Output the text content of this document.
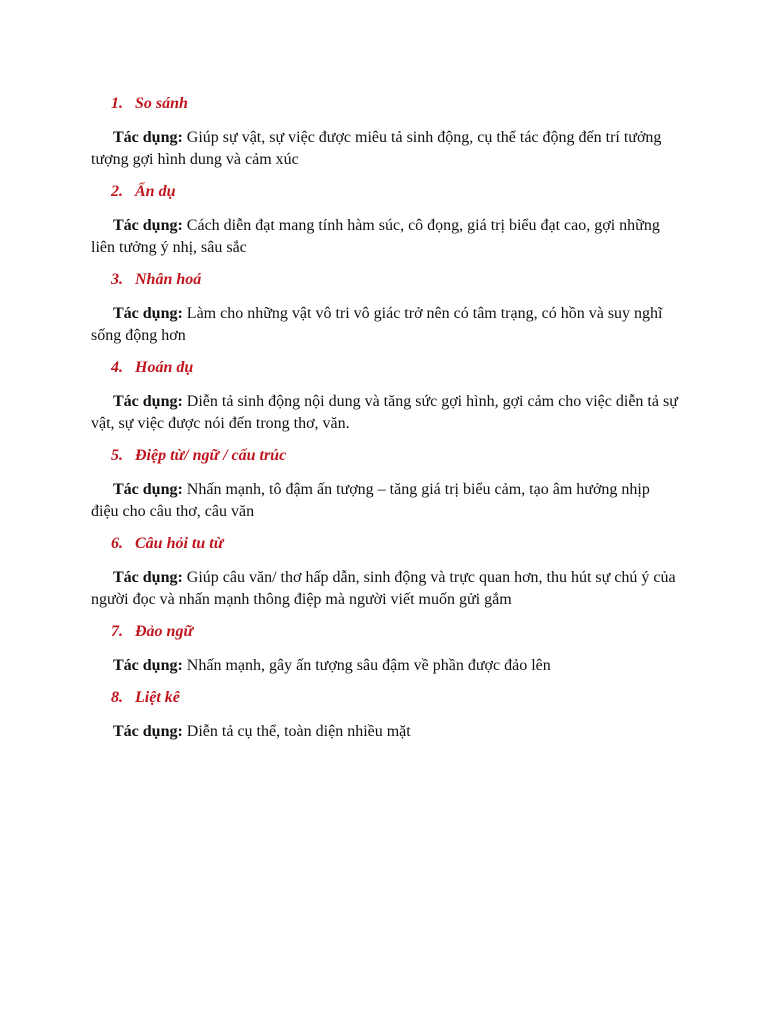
1. So sánh
Tác dụng: Giúp sự vật, sự việc được miêu tả sinh động, cụ thể tác động đến trí tưởng tượng gợi hình dung và cảm xúc
2. Ẩn dụ
Tác dụng: Cách diễn đạt mang tính hàm súc, cô đọng, giá trị biểu đạt cao, gợi những liên tưởng ý nhị, sâu sắc
3. Nhân hoá
Tác dụng: Làm cho những vật vô tri vô giác trở nên có tâm trạng, có hồn và suy nghĩ sống động hơn
4. Hoán dụ
Tác dụng: Diễn tả sinh động nội dung và tăng sức gợi hình, gợi cảm cho việc diễn tả sự vật, sự việc được nói đến trong thơ, văn.
5. Điệp từ/ ngữ / cấu trúc
Tác dụng: Nhấn mạnh, tô đậm ấn tượng – tăng giá trị biểu cảm, tạo âm hưởng nhịp điệu cho câu thơ, câu văn
6. Câu hỏi tu từ
Tác dụng: Giúp câu văn/ thơ hấp dẫn, sinh động và trực quan hơn, thu hút sự chú ý của người đọc và nhấn mạnh thông điệp mà người viết muốn gửi gắm
7. Đảo ngữ
Tác dụng: Nhấn mạnh, gây ấn tượng sâu đậm về phần được đảo lên
8. Liệt kê
Tác dụng: Diễn tả cụ thể, toàn diện nhiều mặt
